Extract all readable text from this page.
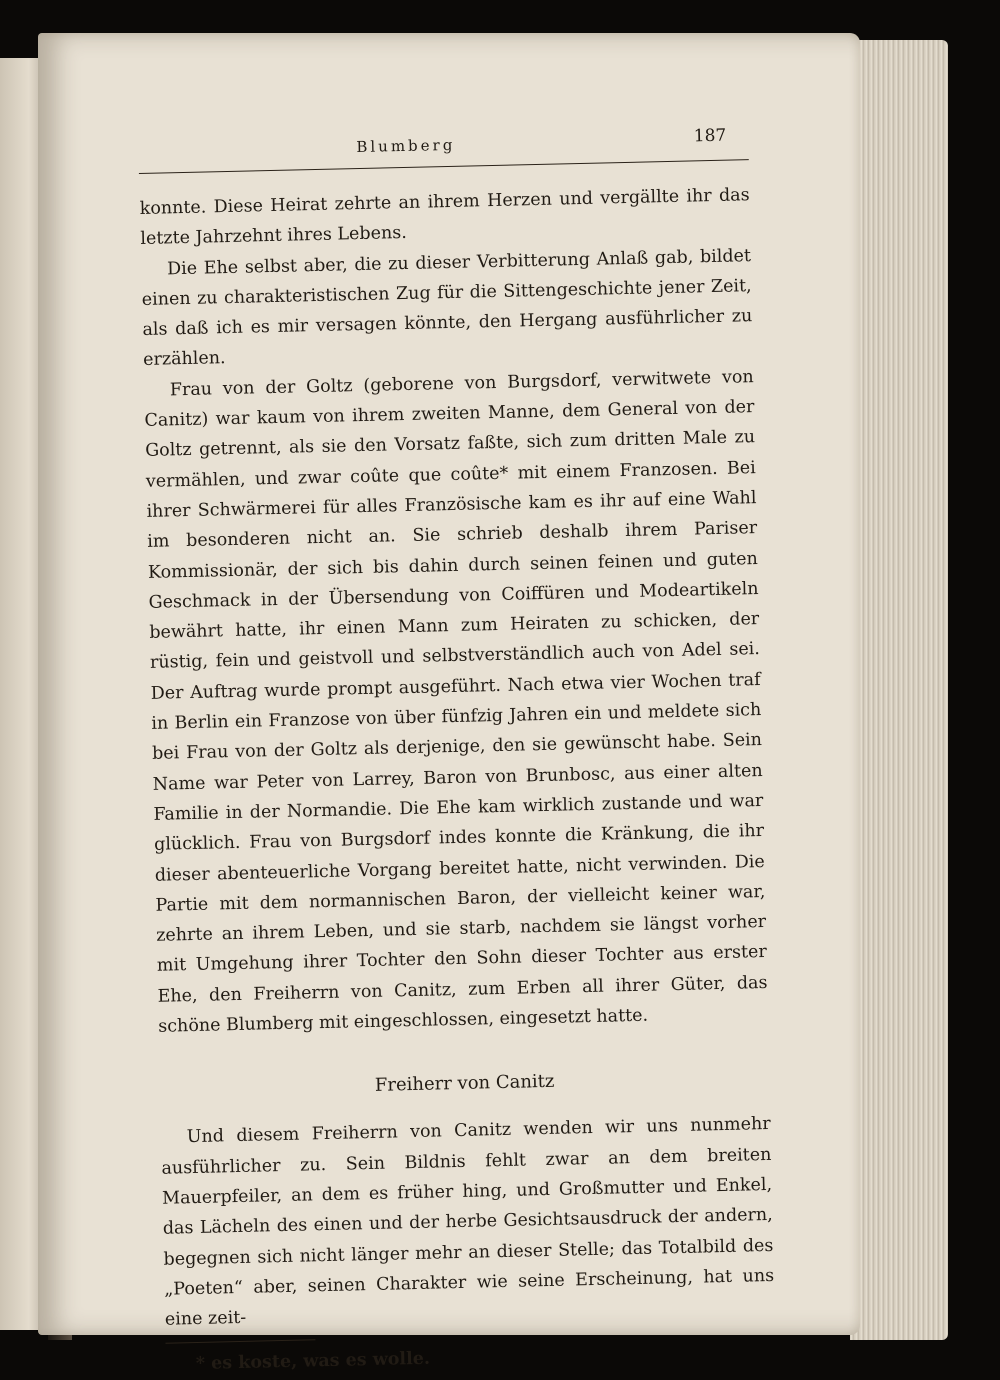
Blumberg	187

konnte. Diese Heirat zehrte an ihrem Herzen und vergällte ihr das letzte Jahrzehnt ihres Lebens.

Die Ehe selbst aber, die zu dieser Verbitterung Anlaß gab, bildet einen zu charakteristischen Zug für die Sittengeschichte jener Zeit, als daß ich es mir versagen könnte, den Hergang ausführlicher zu erzählen.

Frau von der Goltz (geborene von Burgsdorf, verwitwete von Canitz) war kaum von ihrem zweiten Manne, dem General von der Goltz getrennt, als sie den Vorsatz faßte, sich zum dritten Male zu vermählen, und zwar coûte que coûte* mit einem Franzosen. Bei ihrer Schwärmerei für alles Französische kam es ihr auf eine Wahl im besonderen nicht an. Sie schrieb deshalb ihrem Pariser Kommissionär, der sich bis dahin durch seinen feinen und guten Geschmack in der Übersendung von Coiffüren und Modeartikeln bewährt hatte, ihr einen Mann zum Heiraten zu schicken, der rüstig, fein und geistvoll und selbstverständlich auch von Adel sei. Der Auftrag wurde prompt ausgeführt. Nach etwa vier Wochen traf in Berlin ein Franzose von über fünfzig Jahren ein und meldete sich bei Frau von der Goltz als derjenige, den sie gewünscht habe. Sein Name war Peter von Larrey, Baron von Brunbosc, aus einer alten Familie in der Normandie. Die Ehe kam wirklich zustande und war glücklich. Frau von Burgsdorf indes konnte die Kränkung, die ihr dieser abenteuerliche Vorgang bereitet hatte, nicht verwinden. Die Partie mit dem normannischen Baron, der vielleicht keiner war, zehrte an ihrem Leben, und sie starb, nachdem sie längst vorher mit Umgehung ihrer Tochter den Sohn dieser Tochter aus erster Ehe, den Freiherrn von Canitz, zum Erben all ihrer Güter, das schöne Blumberg mit eingeschlossen, eingesetzt hatte.

Freiherr von Canitz

Und diesem Freiherrn von Canitz wenden wir uns nunmehr ausführlicher zu. Sein Bildnis fehlt zwar an dem breiten Mauerpfeiler, an dem es früher hing, und Großmutter und Enkel, das Lächeln des einen und der herbe Gesichtsausdruck der andern, begegnen sich nicht länger mehr an dieser Stelle; das Totalbild des „Poeten“ aber, seinen Charakter wie seine Erscheinung, hat uns eine zeit-

* es koste, was es wolle.
